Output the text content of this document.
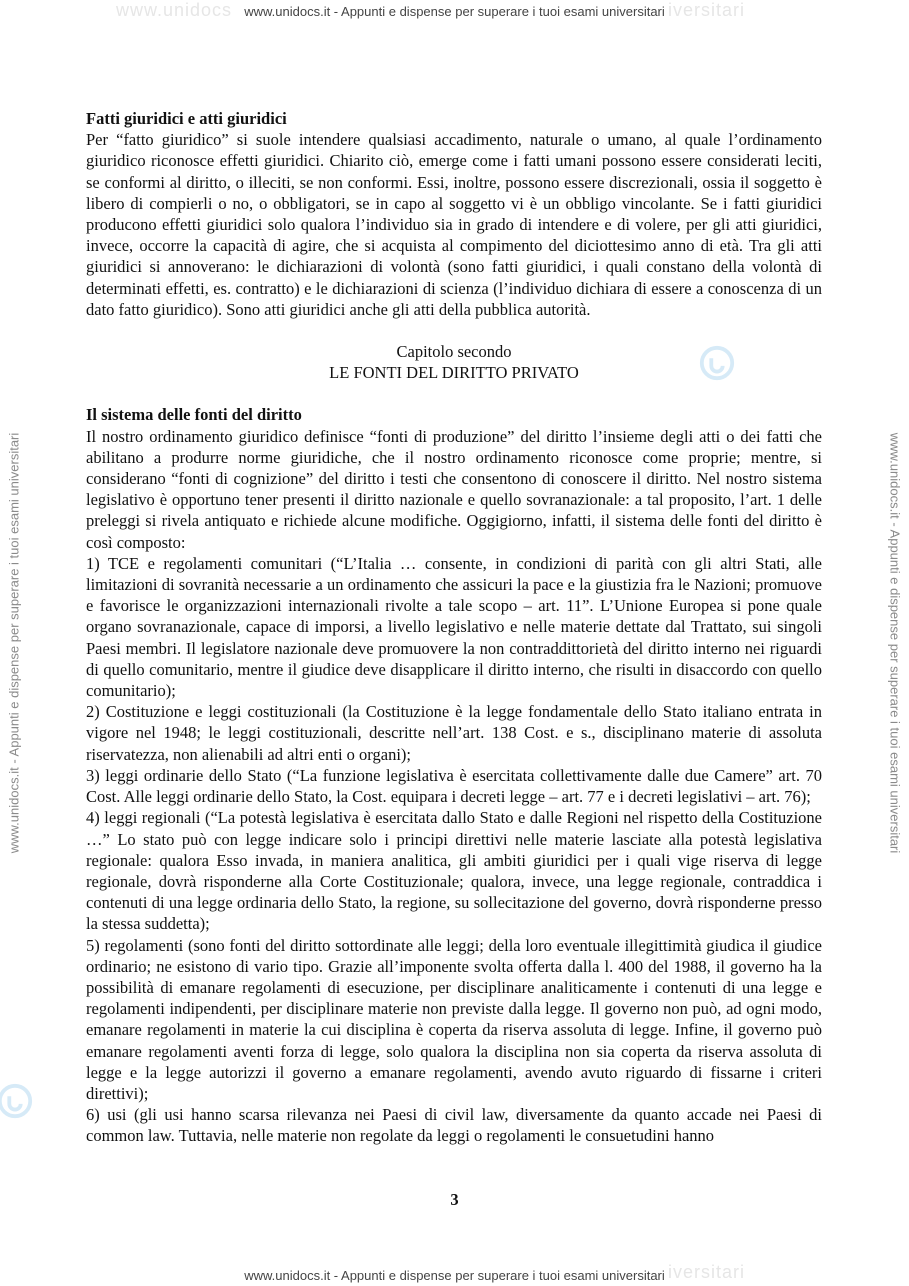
www.unidocs	iversitari
www.unidocs.it - Appunti e dispense per superare i tuoi esami universitari
www.unidocs.it - Appunti e dispense per superare i tuoi esami universitari	www.unidocs.it - Appunti e dispense per superare i tuoi esami universitari

Fatti giuridici e atti giuridici

Per “fatto giuridico” si suole intendere qualsiasi accadimento, naturale o umano, al quale l’ordinamento giuridico riconosce effetti giuridici. Chiarito ciò, emerge come i fatti umani possono essere considerati leciti, se conformi al diritto, o illeciti, se non conformi. Essi, inoltre, possono essere discrezionali, ossia il soggetto è libero di compierli o no, o obbligatori, se in capo al soggetto vi è un obbligo vincolante. Se i fatti giuridici producono effetti giuridici solo qualora l’individuo sia in grado di intendere e di volere, per gli atti giuridici, invece, occorre la capacità di agire, che si acquista al compimento del diciottesimo anno di età. Tra gli atti giuridici si annoverano: le dichiarazioni di volontà (sono fatti giuridici, i quali constano della volontà di determinati effetti, es. contratto) e le dichiarazioni di scienza (l’individuo dichiara di essere a conoscenza di un dato fatto giuridico). Sono atti giuridici anche gli atti della pubblica autorità.

Capitolo secondo

LE FONTI DEL DIRITTO PRIVATO

Il sistema delle fonti del diritto

Il nostro ordinamento giuridico definisce “fonti di produzione” del diritto l’insieme degli atti o dei fatti che abilitano a produrre norme giuridiche, che il nostro ordinamento riconosce come proprie; mentre, si considerano “fonti di cognizione” del diritto i testi che consentono di conoscere il diritto. Nel nostro sistema legislativo è opportuno tener presenti il diritto nazionale e quello sovranazionale: a tal proposito, l’art. 1 delle preleggi si rivela antiquato e richiede alcune modifiche. Oggigiorno, infatti, il sistema delle fonti del diritto è così composto:

1) TCE e regolamenti comunitari (“L’Italia … consente, in condizioni di parità con gli altri Stati, alle limitazioni di sovranità necessarie a un ordinamento che assicuri la pace e la giustizia fra le Nazioni; promuove e favorisce le organizzazioni internazionali rivolte a tale scopo – art. 11”. L’Unione Europea si pone quale organo sovranazionale, capace di imporsi, a livello legislativo e nelle materie dettate dal Trattato, sui singoli Paesi membri. Il legislatore nazionale deve promuovere la non contraddittorietà del diritto interno nei riguardi di quello comunitario, mentre il giudice deve disapplicare il diritto interno, che risulti in disaccordo con quello comunitario);

2) Costituzione e leggi costituzionali (la Costituzione è la legge fondamentale dello Stato italiano entrata in vigore nel 1948; le leggi costituzionali, descritte nell’art. 138 Cost. e s., disciplinano materie di assoluta riservatezza, non alienabili ad altri enti o organi);

3) leggi ordinarie dello Stato (“La funzione legislativa è esercitata collettivamente dalle due Camere” art. 70 Cost. Alle leggi ordinarie dello Stato, la Cost. equipara i decreti legge – art. 77 e i decreti legislativi – art. 76);

4) leggi regionali (“La potestà legislativa è esercitata dallo Stato e dalle Regioni nel rispetto della Costituzione …” Lo stato può con legge indicare solo i principi direttivi nelle materie lasciate alla potestà legislativa regionale: qualora Esso invada, in maniera analitica, gli ambiti giuridici per i quali vige riserva di legge regionale, dovrà risponderne alla Corte Costituzionale; qualora, invece, una legge regionale, contraddica i contenuti di una legge ordinaria dello Stato, la regione, su sollecitazione del governo, dovrà risponderne presso la stessa suddetta);

5) regolamenti (sono fonti del diritto sottordinate alle leggi; della loro eventuale illegittimità giudica il giudice ordinario; ne esistono di vario tipo. Grazie all’imponente svolta offerta dalla l. 400 del 1988, il governo ha la possibilità di emanare regolamenti di esecuzione, per disciplinare analiticamente i contenuti di una legge e regolamenti indipendenti, per disciplinare materie non previste dalla legge. Il governo non può, ad ogni modo, emanare regolamenti in materie la cui disciplina è coperta da riserva assoluta di legge. Infine, il governo può emanare regolamenti aventi forza di legge, solo qualora la disciplina non sia coperta da riserva assoluta di legge e la legge autorizzi il governo a emanare regolamenti, avendo avuto riguardo di fissarne i criteri direttivi);

6) usi (gli usi hanno scarsa rilevanza nei Paesi di civil law, diversamente da quanto accade nei Paesi di common law. Tuttavia, nelle materie non regolate da leggi o regolamenti le consuetudini hanno

3
iversitari
www.unidocs.it - Appunti e dispense per superare i tuoi esami universitari
